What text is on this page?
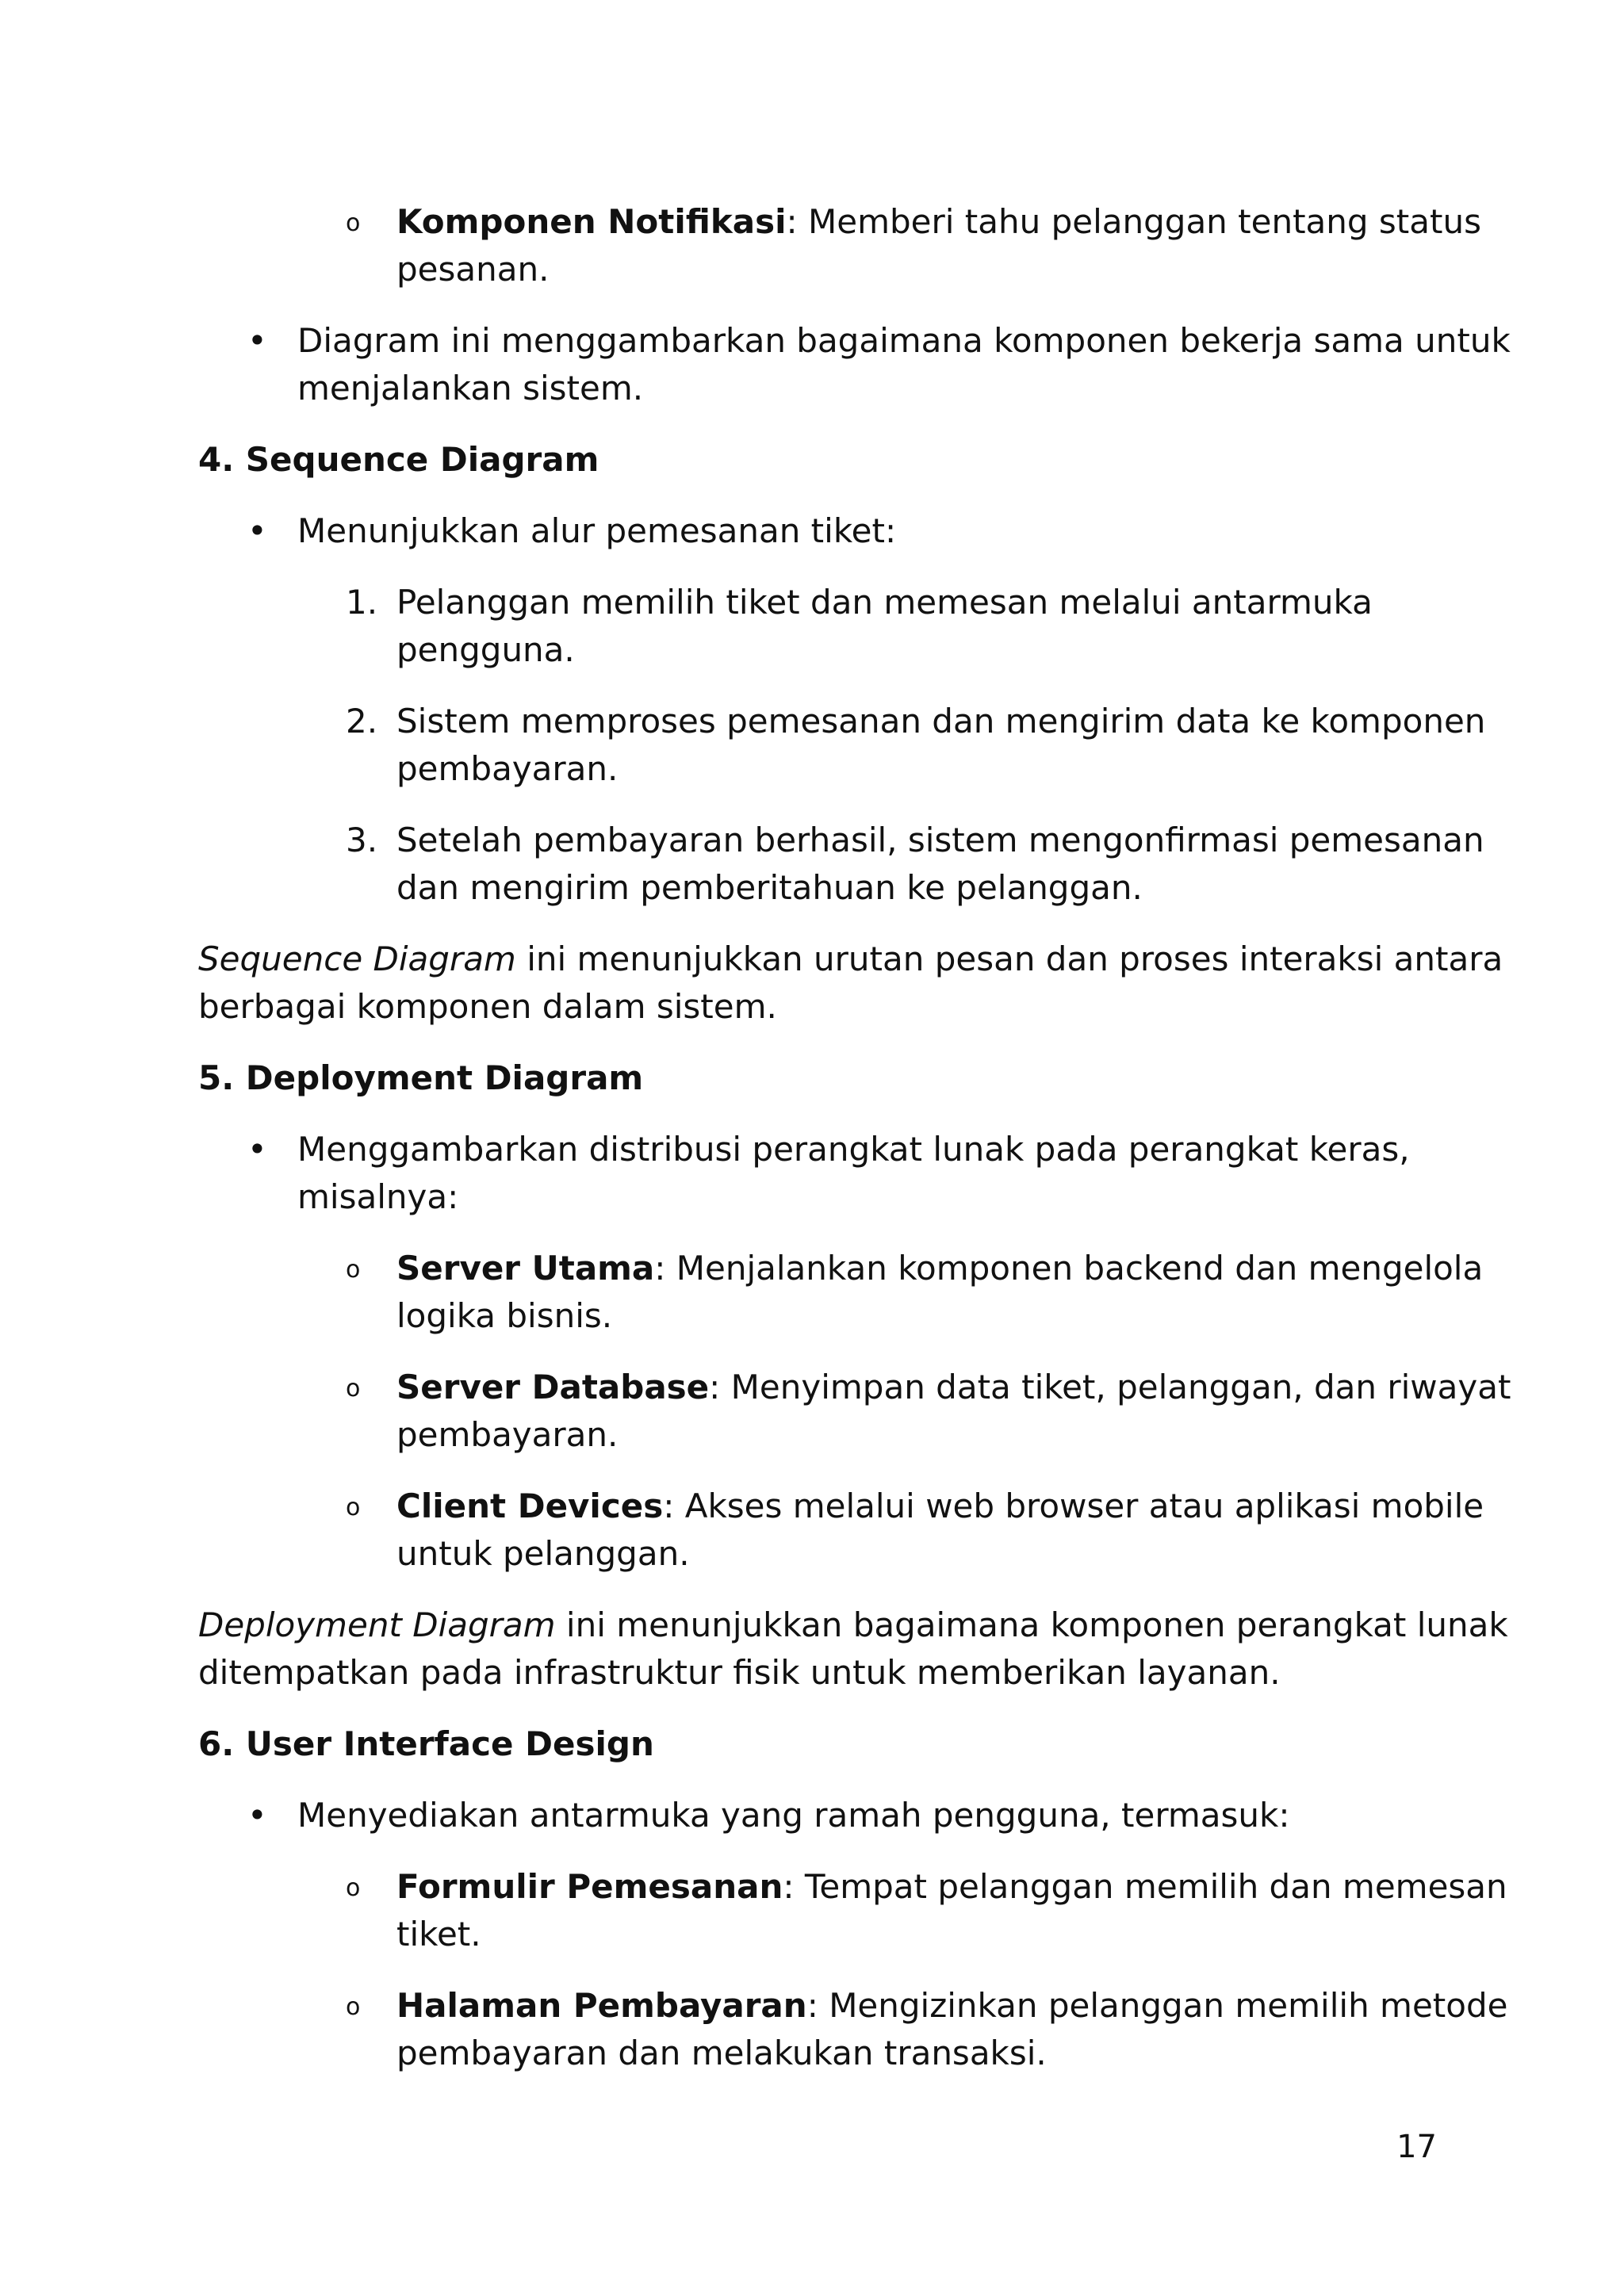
o Komponen Notifikasi: Memberi tahu pelanggan tentang status
pesanan.
• Diagram ini menggambarkan bagaimana komponen bekerja sama untuk
menjalankan sistem.
4. Sequence Diagram
• Menunjukkan alur pemesanan tiket:
1. Pelanggan memilih tiket dan memesan melalui antarmuka
pengguna.
2. Sistem memproses pemesanan dan mengirim data ke komponen
pembayaran.
3. Setelah pembayaran berhasil, sistem mengonfirmasi pemesanan
dan mengirim pemberitahuan ke pelanggan.
Sequence Diagram ini menunjukkan urutan pesan dan proses interaksi antara
berbagai komponen dalam sistem.
5. Deployment Diagram
• Menggambarkan distribusi perangkat lunak pada perangkat keras,
misalnya:
o Server Utama: Menjalankan komponen backend dan mengelola
logika bisnis.
o Server Database: Menyimpan data tiket, pelanggan, dan riwayat
pembayaran.
o Client Devices: Akses melalui web browser atau aplikasi mobile
untuk pelanggan.
Deployment Diagram ini menunjukkan bagaimana komponen perangkat lunak
ditempatkan pada infrastruktur fisik untuk memberikan layanan.
6. User Interface Design
• Menyediakan antarmuka yang ramah pengguna, termasuk:
o Formulir Pemesanan: Tempat pelanggan memilih dan memesan
tiket.
o Halaman Pembayaran: Mengizinkan pelanggan memilih metode
pembayaran dan melakukan transaksi.
17
